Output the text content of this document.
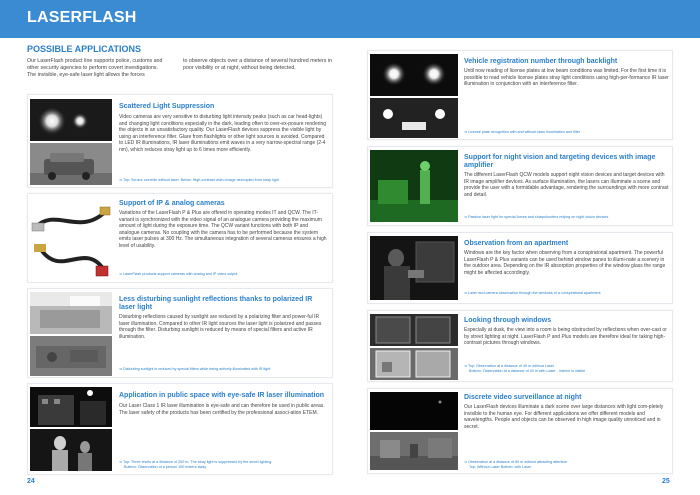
LASERFLASH
POSSIBLE APPLICATIONS
Our LaserFlash product line supports police, customs and other security agencies to perform covert investigations. The invisible, eye-safe laser light allows the forces
to observe objects over a distance of several hundred meters in poor visibility or at night, without being detected.
Scattered Light Suppression
Video cameras are very sensitive to disturbing light intensity peaks (such as car head-lights) and changing light conditions especially in the dark, leading often to over-ex-posure rendering the objects in an unsatisfactory quality. Our LaserFlash devices suppress the visible light by using an interference filter. Glare from flashlights or other light sources is avoided. Compared to LED IR illuminations, IR laser illuminations emit waves in a very narrow-spectral range (2-4 nm), which reduces stray light up to 6 times more efficiently.
⊲ Top: Sensor override without laser. Below: High-contrast video image decoupled from stray light
Support of IP & analog cameras
Variations of the LaserFlash P & Plus are offered in operating modes IT and QCW. The IT-variant is synchronized with the video signal of an analogue camera providing the maximum amount of light during the exposure time. The QCW variant functions with both IP and analogue cameras. No coupling with the camera has to be performed because the system emits laser pulses at 300 Hz. The simultaneous integration of several cameras ensures a high level of usability.
⊲ LaserFlash products support cameras with analog and IP video output
Less disturbing sunlight reflections thanks to polarized IR laser light
Disturbing reflections caused by sunlight are reduced by a polarizing filter and power-ful IR laser illumination. Compared to other IR light sources the laser light is polarized and passes through the filter. Disturbing sunlight is reduced by means of special filters and active IR illumination.
⊲ Disturbing sunlight is reduced by special filters while being actively illuminated with IR light
Application in public space with eye-safe IR laser illumination
Our Laser Class 1 IR laser illumination is eye-safe and can therefore be used in public areas. The laser safety of the products has been certified by the professional associ-ation ETEM.
⊲ Top: Three levels at a distance of 200 m. The stray light is suppressed by the street lighting.
Bottom: Observation of a person 150 meters away
24
Vehicle registration number through backlight
Until now reading of license plates at low beam conditions was limited. For the first time it is possible to read vehicle license plates stray light conditions using high-per-formance IR laser illumination in conjunction with an interference filter.
⊲ License plate recognition with and without laser illumination and filter
Support for night vision and targeting devices with image amplifier
The different LaserFlash QCW models support night vision devices and target devices with IR image amplifier devices. As surface illumination, the lasers can illuminate a scene and provide the user with a formidable advantage, rendering the surroundings with more contrast and detail.
⊲ Passive laser light for special forces and sharpshooters relying on night vision devices
Observation from an apartment
Windows are the key factor when observing from a conspiratorial apartment. The powerful LaserFlash P & Plus variants can be used behind window panes to illumi-nate a scenery in the outdoor area. Depending on the IR absorption properties of the window glass the range might be affected accordingly.
⊲ Laser and camera observation through the windows of a conspiratorial apartment
Looking through windows
Especially at dusk, the view into a room is being obstructed by reflections when over-cast or by street lighting at night. LaserFlash P and Plus models are therefore ideal for taking high-contrast pictures through windows.
⊲ Top: Observation at a distance of 40 m without Laser
Bottom: Observation at a distance of 40 m with Laser - interior is visible
Discrete video surveillance at night
Our LaserFlash devices illuminate a dark scene over large distances with light com-pletely invisible to the human eye. For different applications we offer different models and wavelengths. People and objects can be observed in high image quality unnoticed and in secret.
⊲ Observation at a distance of 80 m without attracting attention
Top: Without Laser Bottom: with Laser
25
